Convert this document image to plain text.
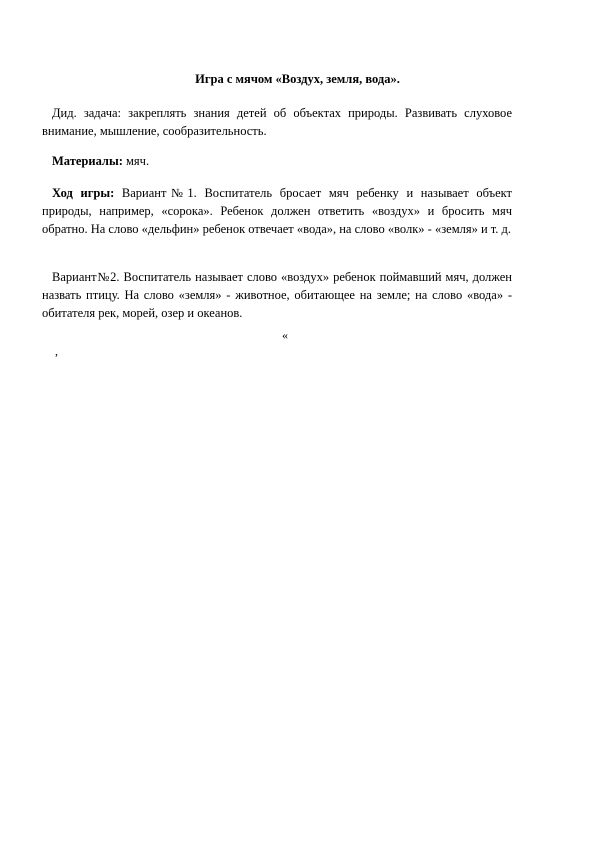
Игра с мячом «Воздух, земля, вода».
Дид. задача: закреплять знания детей об объектах природы. Развивать слуховое внимание, мышление, сообразительность.
Материалы: мяч.
Ход игры: Вариант№1. Воспитатель бросает мяч ребенку и называет объект природы, например, «сорока». Ребенок должен ответить «воздух» и бросить мяч обратно. На слово «дельфин» ребенок отвечает «вода», на слово «волк» - «земля» и т. д.
Вариант№2. Воспитатель называет слово «воздух» ребенок поймавший мяч, должен назвать птицу. На слово «земля» - животное, обитающее на земле; на слово «вода» - обитателя рек, морей, озер и океанов.
«
,
